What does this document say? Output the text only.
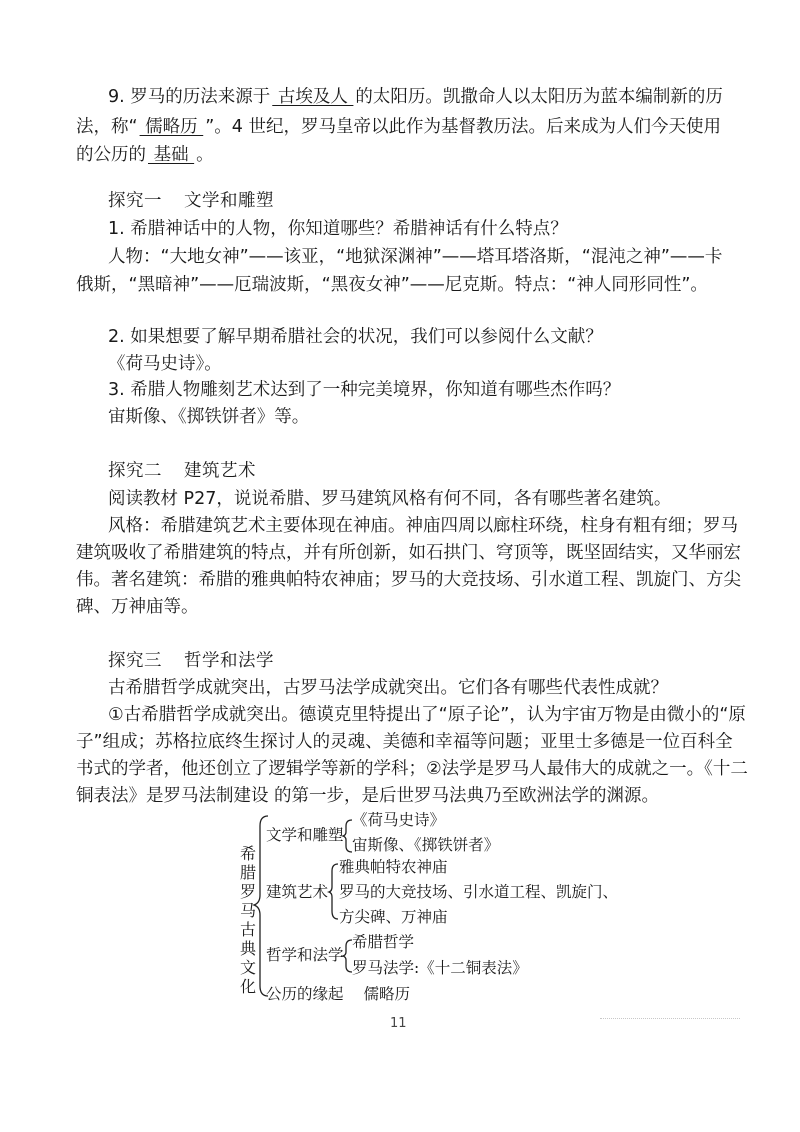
9. 罗马的历法来源于 古埃及人 的太阳历。凯撒命人以太阳历为蓝本编制新的历
法，称“ 儒略历 ”。4 世纪，罗马皇帝以此作为基督教历法。后来成为人们今天使用
的公历的 基础 。
探究一 文学和雕塑
1. 希腊神话中的人物，你知道哪些？希腊神话有什么特点？
人物：“大地女神”——该亚，“地狱深渊神”——塔耳塔洛斯，“混沌之神”——卡
俄斯，“黑暗神”——厄瑞波斯，“黑夜女神”——尼克斯。特点：“神人同形同性”。
2. 如果想要了解早期希腊社会的状况，我们可以参阅什么文献？
《荷马史诗》。
3. 希腊人物雕刻艺术达到了一种完美境界，你知道有哪些杰作吗？
宙斯像、《掷铁饼者》等。
探究二 建筑艺术
阅读教材 P27，说说希腊、罗马建筑风格有何不同，各有哪些著名建筑。
风格：希腊建筑艺术主要体现在神庙。神庙四周以廊柱环绕，柱身有粗有细；罗马
建筑吸收了希腊建筑的特点，并有所创新，如石拱门、穹顶等，既坚固结实，又华丽宏
伟。著名建筑：希腊的雅典帕特农神庙；罗马的大竞技场、引水道工程、凯旋门、方尖
碑、万神庙等。
探究三 哲学和法学
古希腊哲学成就突出，古罗马法学成就突出。它们各有哪些代表性成就？
①古希腊哲学成就突出。德谟克里特提出了“原子论”，认为宇宙万物是由微小的“原
子”组成；苏格拉底终生探讨人的灵魂、美德和幸福等问题；亚里士多德是一位百科全
书式的学者，他还创立了逻辑学等新的学科；②法学是罗马人最伟大的成就之一。《十二
铜表法》是罗马法制建设 的第一步，是后世罗马法典乃至欧洲法学的渊源。
希腊罗马古典文化
文学和雕塑
《荷马史诗》
宙斯像、《掷铁饼者》
建筑艺术
雅典帕特农神庙
罗马的大竞技场、引水道工程、凯旋门、
方尖碑、万神庙
哲学和法学
希腊哲学
罗马法学:《十二铜表法》
公历的缘起 儒略历
11
